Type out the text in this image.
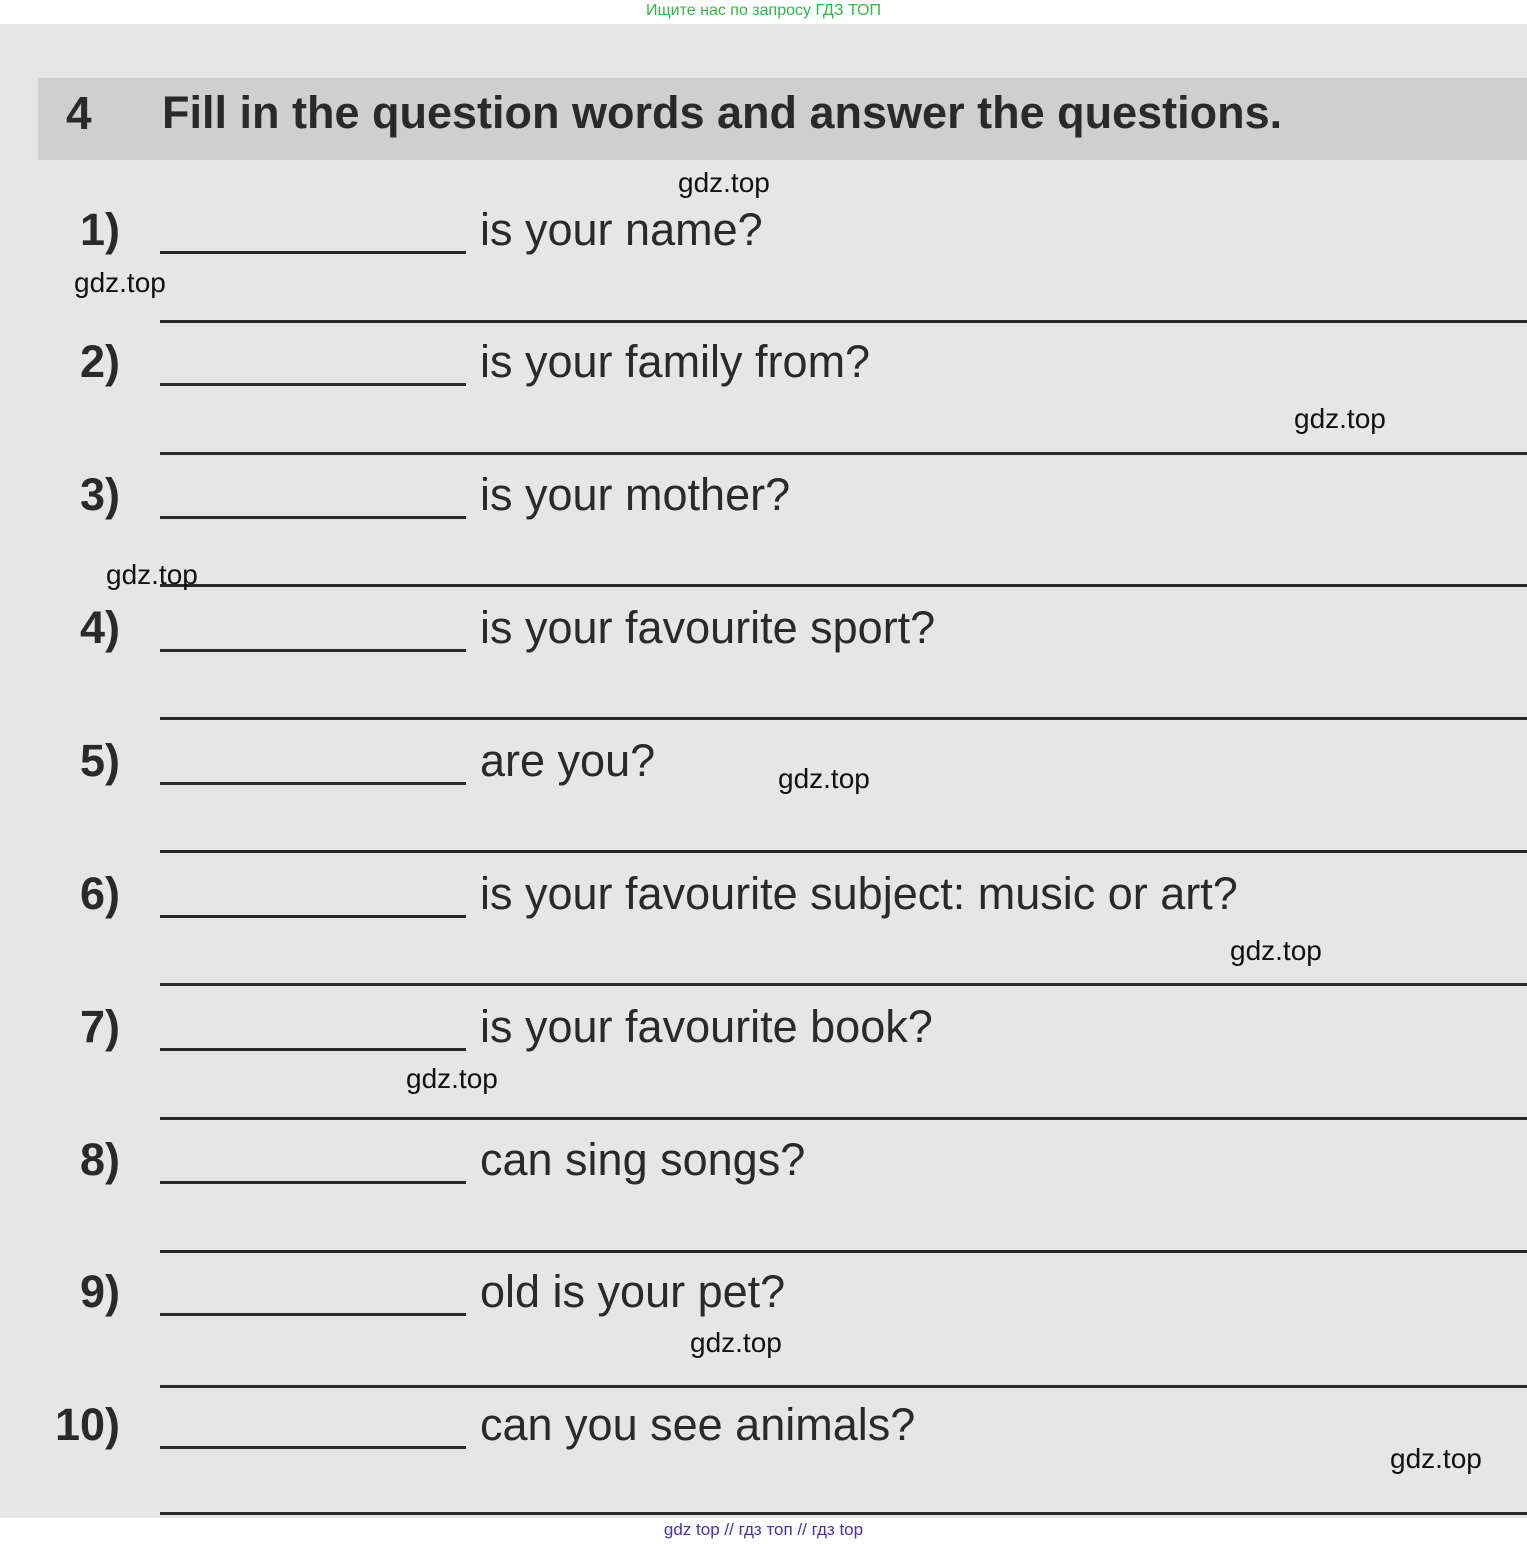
Ищите нас по запросу ГДЗ ТОП
4 Fill in the question words and answer the questions.
1)	is your name?
2)	is your family from?
3)	is your mother?
4)	is your favourite sport?
5)	are you?
6)	is your favourite subject: music or art?
7)	is your favourite book?
8)	can sing songs?
9)	old is your pet?
10)	can you see animals?
gdz.top
gdz.top
gdz.top
gdz.top
gdz.top
gdz.top
gdz.top
gdz.top
gdz.top
gdz top // гдз топ // гдз top
